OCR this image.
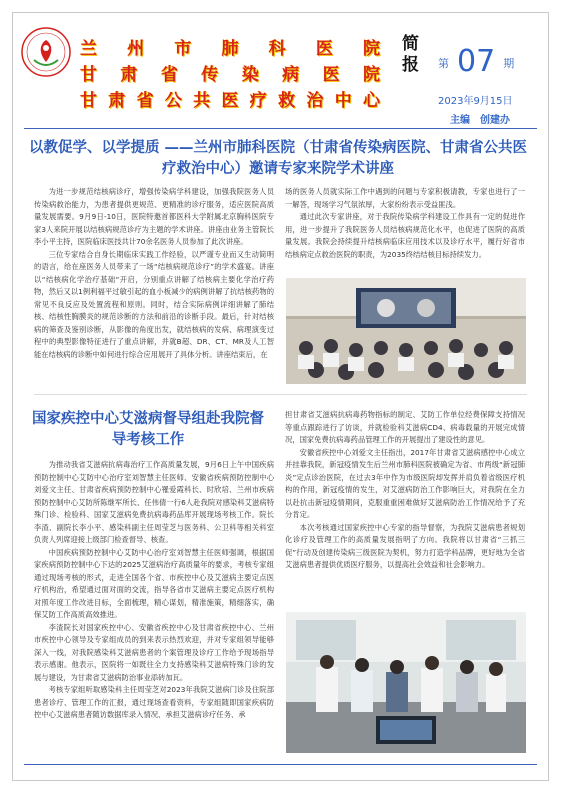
兰州市肺科医院
甘肃省传染病医院
甘肃省公共医疗救治中心
简报	第 07 期
2023年9月15日
主编　创建办
以教促学、以学提质 ——兰州市肺科医院（甘肃省传染病医院、甘肃省公共医疗救治中心）邀请专家来院学术讲座

为进一步规范结核病诊疗，增强传染病学科建设，加强我院医务人员传染病救治能力，为患者提供更规范、更精准的诊疗服务，适应医院高质量发展需要。9月9日-10日，医院特邀首都医科大学附属北京胸科医院专家3人来院开展以结核病规范诊疗为主题的学术讲座。讲座由业务主管院长李小平主持，医院临床医技共计70余名医务人员参加了此次讲座。

三位专家结合自身长期临床实践工作经验，以严谨专业而又生动简明的语言，给在座医务人员带来了一场“结核病规范诊疗”的学术盛宴。讲座以“结核病化学治疗基础”开启，分别重点讲解了结核病主要化学治疗药物，然后又以1例利福平过敏引起的血小板减少的病例讲解了抗结核药物的常见不良反应及处置流程和原则。同时，结合实际病例详细讲解了肺结核、结核性胸膜炎的规范诊断的方法和前沿的诊断手段。最后，针对结核病的筛查及鉴别诊断，从影像的角度出发，就结核病的发病、病理演变过程中的典型影像特征进行了重点讲解，并就B超、DR、CT、MR及人工智能在结核病的诊断中如何进行综合应用展开了具体分析。讲座结束后，在

场的医务人员就实际工作中遇到的问题与专家积极请教，专家也进行了一一解答，现场学习气氛浓厚，大家纷纷表示受益匪浅。

通过此次专家讲座，对于我院传染病学科建设工作具有一定的促进作用，进一步提升了我院医务人员结核病规范化水平，也促进了医院的高质量发展。我院会持续提升结核病临床应用技术以及诊疗水平，履行好省市结核病定点救治医院的职责，为2035终结结核目标持续发力。

国家疾控中心艾滋病督导组赴我院督导考核工作

为推动我省艾滋病抗病毒治疗工作高质量发展，9月6日上午中国疾病预防控制中心艾防中心治疗室刘智慧主任医师、安徽省疾病预防控制中心刘爱文主任、甘肃省疾病预防控制中心罹爱霞科长、时欣培、兰州市疾病预防控制中心艾防所陈继军所长、任伟倩一行6人赴我院对感染科艾滋病特殊门诊、检验科、国家艾滋病免费抗病毒药品库开展现场考核工作。院长李渣、副院长李小平、感染科副主任周莹芝与医务科、公卫科等相关科室负责人列席迎接上级部门检查督导、核查。

中国疾病预防控制中心艾防中心治疗室刘智慧主任医师强调，根据国家疾病预防控制中心下达的2025艾滋病治疗高质量年的要求，考核专家组通过现场考核的形式，走进全国各个省、市疾控中心及艾滋病主要定点医疗机构治，希望通过面对面的交流，指导各省市艾滋病主要定点医疗机构对照年度工作改进目标，全面梳理，精心谋划，精准施策，精细落实，确保艾防工作高质高效推进。

李渣院长对国家疾控中心、安徽省疾控中心及甘肃省疾控中心、兰州市疾控中心领导及专家组成员的到来表示热烈欢迎，并对专家组领导能够深入一线，对我院感染科艾滋病患者的个案管理及诊疗工作给予现场指导表示感谢。他表示，医院将一如既往全力支持感染科艾滋病特殊门诊的发展与建设，为甘肃省艾滋病防治事业添砖加瓦。

考核专家组听取感染科主任周莹芝对2023年我院艾滋病门诊及住院部患者诊疗、管理工作的汇报，通过现场查看资料，专家组随即国家疾病防控中心艾滋病患者随访数据库录入情况、承担艾滋病诊疗任务、承

担甘肃省艾滋病抗病毒药物指标的制定、艾防工作单位经费保障支持情况等重点跟踪进行了访谈，并就检验科艾滋病CD4、病毒载量的开展完成情况，国家免费抗病毒药品管理工作的开展提出了建设性的意见。

安徽省疾控中心刘爱文主任指出，2017年甘肃省艾滋病感控中心成立并挂靠我院，新冠疫情发生后兰州市肺科医院被确定为省、市两级“新冠肺炎”定点诊治医院，在过去3年中作为市级医院却发挥并肩负着省级医疗机构的作用，新冠疫情的发生，对艾滋病防治工作影响巨大，对我院在全力以赴抗击新冠疫情期间，克服重重困难做好艾滋病防治工作情况给予了充分肯定。

本次考核通过国家疾控中心专家的指导督察，为我院艾滋病患者规划化诊疗及管理工作的高质量发展指明了方向。我院将以甘肃省“三抓三促”行动及创建传染病三级医院为契机，努力打造学科品牌，更好地为全省艾滋病患者提供优质医疗服务，以提高社会效益和社会影响力。
